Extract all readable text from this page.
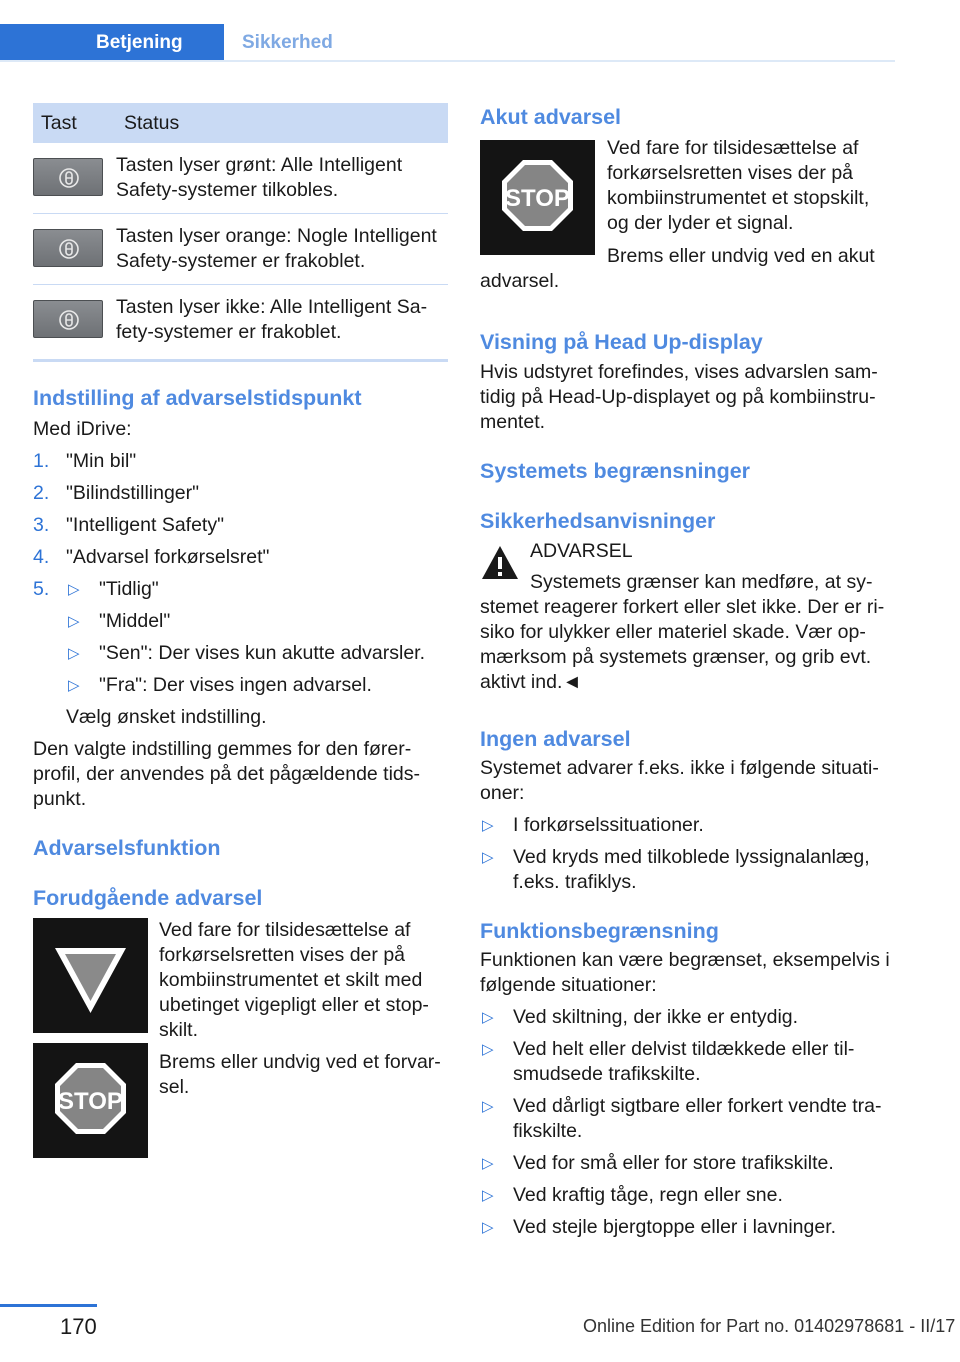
Betjening	Sikkerhed
Tast	Status

	Tasten lyser grønt: Alle Intelligent Safety-systemer tilkobles.

	Tasten lyser orange: Nogle Intelligent Safety-systemer er frakoblet.

	Tasten lyser ikke: Alle Intelligent Safety-systemer er frakoblet.
Indstilling af advarselstidspunkt

Med iDrive:

1. "Min bil"
2. "Bilindstillinger"
3. "Intelligent Safety"
4. "Advarsel forkørselsret"
5. ▷ "Tidlig"
▷ "Middel"
▷ "Sen": Der vises kun akutte advarsler.
▷ "Fra": Der vises ingen advarsel.

Vælg ønsket indstilling.

Den valgte indstilling gemmes for den førerprofil, der anvendes på det pågældende tidspunkt.

Advarselsfunktion
Forudgående advarsel
STOP

Ved fare for tilsidesættelse af forkørselsretten vises der på kombiinstrumentet et skilt med ubetinget vigepligt eller et stopskilt.

Brems eller undvig ved et forvarsel.

Akut advarsel
STOP

Ved fare for tilsidesættelse af forkørselsretten vises der på kombiinstrumentet et stopskilt, og der lyder et signal.

Brems eller undvig ved en akut advarsel.

Visning på Head Up-display

Hvis udstyret forefindes, vises advarslen samtidig på Head-Up-displayet og på kombiinstrumentet.

Systemets begrænsninger
Sikkerhedsanvisninger

ADVARSEL

Systemets grænser kan medføre, at systemet reagerer forkert eller slet ikke. Der er risiko for ulykker eller materiel skade. Vær opmærksom på systemets grænser, og grib evt. aktivt ind.◄

Ingen advarsel

Systemet advarer f.eks. ikke i følgende situationer:

▷ I forkørselssituationer.
▷ Ved kryds med tilkoblede lyssignalanlæg, f.eks. trafiklys.
Funktionsbegrænsning

Funktionen kan være begrænset, eksempelvis i følgende situationer:

▷ Ved skiltning, der ikke er entydig.
▷ Ved helt eller delvist tildækkede eller tilsmudsede trafikskilte.
▷ Ved dårligt sigtbare eller forkert vendte trafikskilte.
▷ Ved for små eller for store trafikskilte.
▷ Ved kraftig tåge, regn eller sne.
▷ Ved stejle bjergtoppe eller i lavninger.
170	Online Edition for Part no. 01402978681 - II/17
